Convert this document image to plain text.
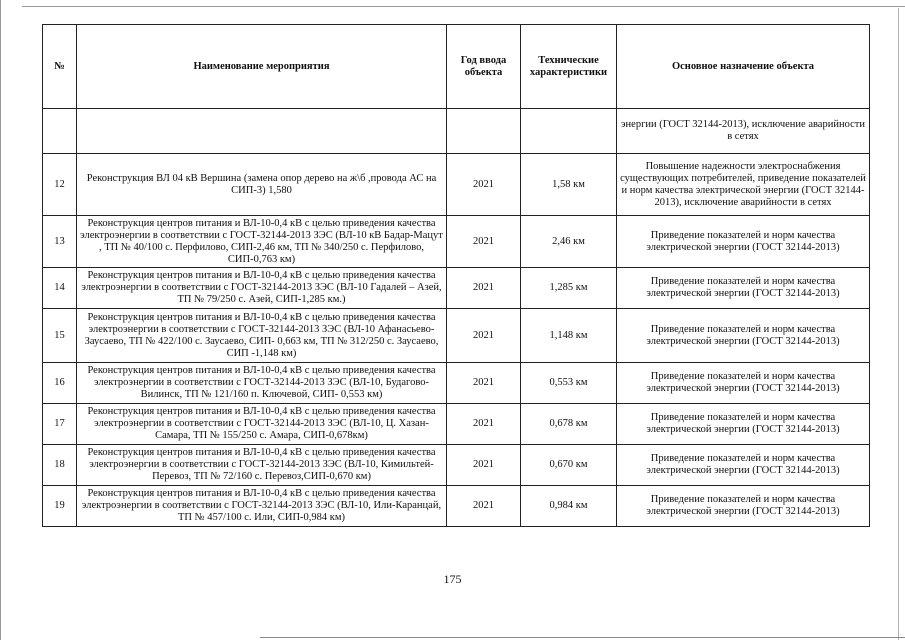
№	Наименование мероприятия	Год ввода объекта	Технические характеристики	Основное назначение объекта
				энергии (ГОСТ 32144-2013), исключение аварийности в сетях
12	Реконструкция ВЛ 04 кВ Вершина (замена опор дерево на ж\б ,провода АС на СИП-3) 1,580	2021	1,58 км	Повышение надежности электроснабжения существующих потребителей, приведение показателей и норм качества электрической энергии (ГОСТ 32144-2013), исключение аварийности в сетях
13	Реконструкция центров питания и ВЛ-10-0,4 кВ с целью приведения качества электроэнергии в соответствии с ГОСТ-32144-2013 ЗЭС (ВЛ-10 кВ Бадар-Мацут , ТП № 40/100 с. Перфилово, СИП-2,46 км, ТП № 340/250 с. Перфилово, СИП-0,763 км)	2021	2,46 км	Приведение показателей и норм качества электрической энергии (ГОСТ 32144-2013)
14	Реконструкция центров питания и ВЛ-10-0,4 кВ с целью приведения качества электроэнергии в соответствии с ГОСТ-32144-2013 ЗЭС (ВЛ-10 Гадалей – Азей, ТП № 79/250 с. Азей, СИП-1,285 км.)	2021	1,285 км	Приведение показателей и норм качества электрической энергии (ГОСТ 32144-2013)
15	Реконструкция центров питания и ВЛ-10-0,4 кВ с целью приведения качества электроэнергии в соответствии с ГОСТ-32144-2013 ЗЭС (ВЛ-10 Афанасьево-Заусаево, ТП № 422/100 с. Заусаево, СИП- 0,663 км, ТП № 312/250 с. Заусаево, СИП -1,148 км)	2021	1,148 км	Приведение показателей и норм качества электрической энергии (ГОСТ 32144-2013)
16	Реконструкция центров питания и ВЛ-10-0,4 кВ с целью приведения качества электроэнергии в соответствии с ГОСТ-32144-2013 ЗЭС (ВЛ-10, Будагово-Вилинск, ТП № 121/160 п. Ключевой, СИП- 0,553 км)	2021	0,553 км	Приведение показателей и норм качества электрической энергии (ГОСТ 32144-2013)
17	Реконструкция центров питания и ВЛ-10-0,4 кВ с целью приведения качества электроэнергии в соответствии с ГОСТ-32144-2013 ЗЭС (ВЛ-10, Ц. Хазан- Самара, ТП № 155/250 с. Амара, СИП-0,678км)	2021	0,678 км	Приведение показателей и норм качества электрической энергии (ГОСТ 32144-2013)
18	Реконструкция центров питания и ВЛ-10-0,4 кВ с целью приведения качества электроэнергии в соответствии с ГОСТ-32144-2013 ЗЭС (ВЛ-10, Кимильтей- Перевоз, ТП № 72/160 с. Перевоз,СИП-0,670 км)	2021	0,670 км	Приведение показателей и норм качества электрической энергии (ГОСТ 32144-2013)
19	Реконструкция центров питания и ВЛ-10-0,4 кВ с целью приведения качества электроэнергии в соответствии с ГОСТ-32144-2013 ЗЭС (ВЛ-10, Или-Каранцай, ТП № 457/100 с. Или, СИП-0,984 км)	2021	0,984 км	Приведение показателей и норм качества электрической энергии (ГОСТ 32144-2013)
175
